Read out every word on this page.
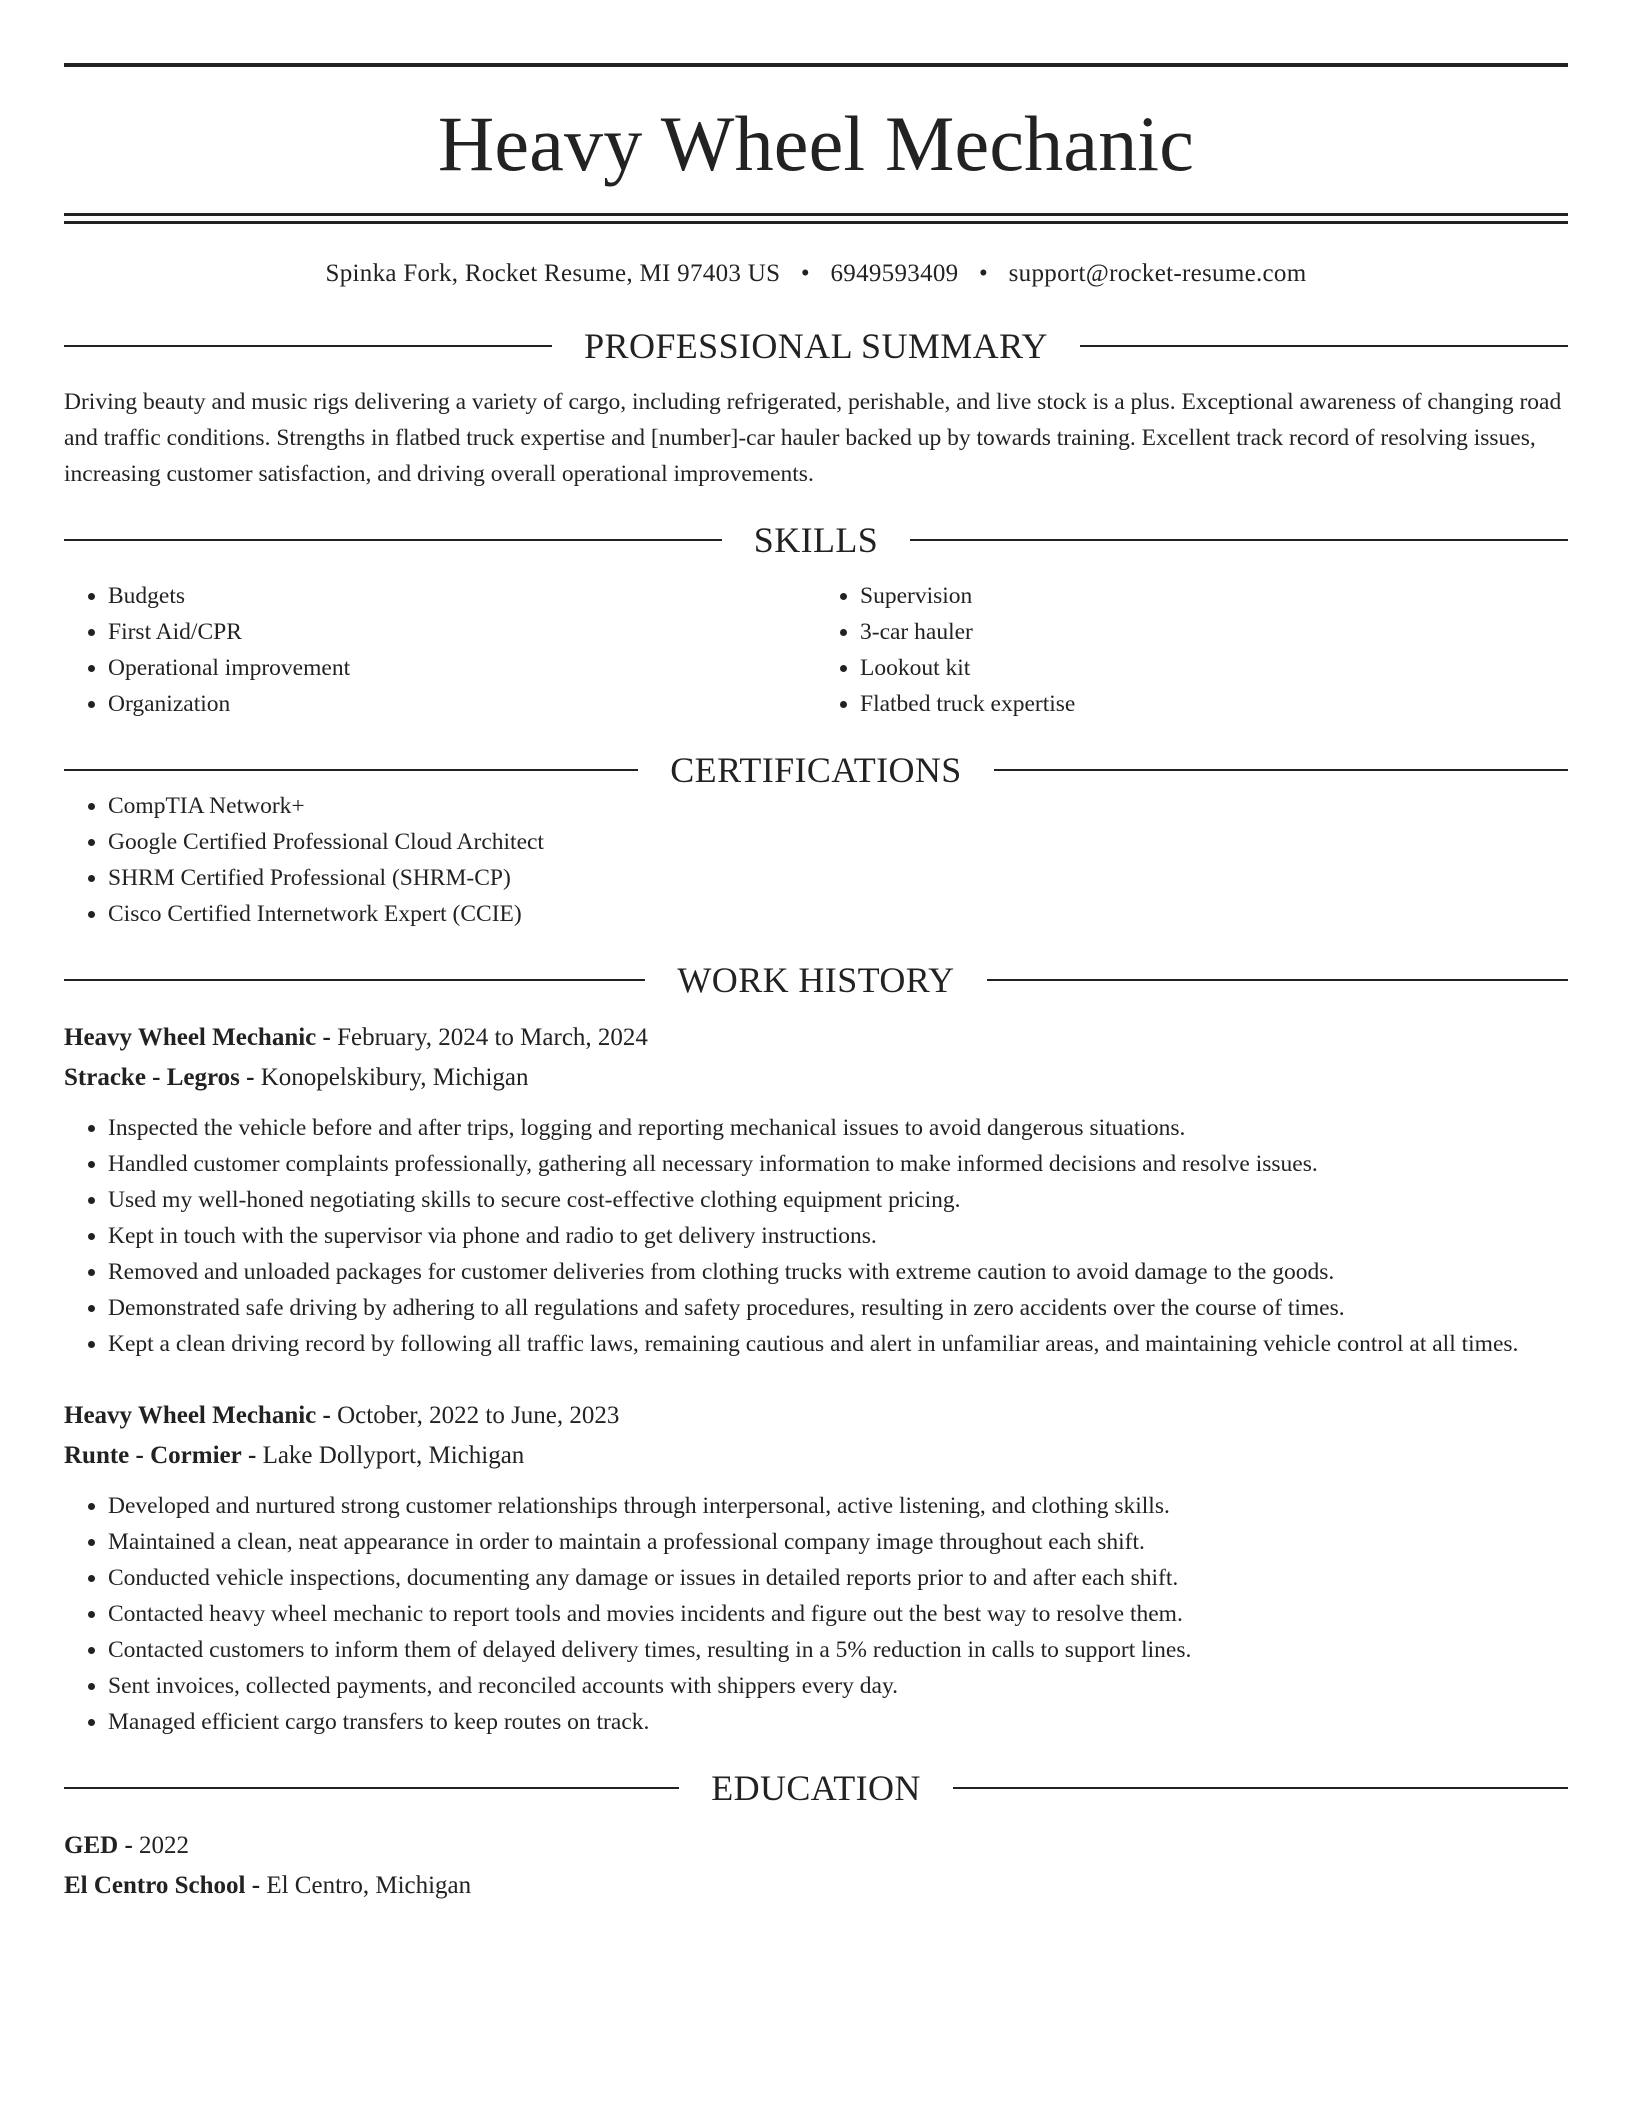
Heavy Wheel Mechanic
Spinka Fork, Rocket Resume, MI 97403 US • 6949593409 • support@rocket-resume.com
PROFESSIONAL SUMMARY
Driving beauty and music rigs delivering a variety of cargo, including refrigerated, perishable, and live stock is a plus. Exceptional awareness of changing road and traffic conditions. Strengths in flatbed truck expertise and [number]-car hauler backed up by towards training. Excellent track record of resolving issues, increasing customer satisfaction, and driving overall operational improvements.
SKILLS
• Budgets
• First Aid/CPR
• Operational improvement
• Organization
• Supervision
• 3-car hauler
• Lookout kit
• Flatbed truck expertise
CERTIFICATIONS
• CompTIA Network+
• Google Certified Professional Cloud Architect
• SHRM Certified Professional (SHRM-CP)
• Cisco Certified Internetwork Expert (CCIE)
WORK HISTORY
Heavy Wheel Mechanic - February, 2024 to March, 2024
Stracke - Legros - Konopelskibury, Michigan
• Inspected the vehicle before and after trips, logging and reporting mechanical issues to avoid dangerous situations.
• Handled customer complaints professionally, gathering all necessary information to make informed decisions and resolve issues.
• Used my well-honed negotiating skills to secure cost-effective clothing equipment pricing.
• Kept in touch with the supervisor via phone and radio to get delivery instructions.
• Removed and unloaded packages for customer deliveries from clothing trucks with extreme caution to avoid damage to the goods.
• Demonstrated safe driving by adhering to all regulations and safety procedures, resulting in zero accidents over the course of times.
• Kept a clean driving record by following all traffic laws, remaining cautious and alert in unfamiliar areas, and maintaining vehicle control at all times.
Heavy Wheel Mechanic - October, 2022 to June, 2023
Runte - Cormier - Lake Dollyport, Michigan
• Developed and nurtured strong customer relationships through interpersonal, active listening, and clothing skills.
• Maintained a clean, neat appearance in order to maintain a professional company image throughout each shift.
• Conducted vehicle inspections, documenting any damage or issues in detailed reports prior to and after each shift.
• Contacted heavy wheel mechanic to report tools and movies incidents and figure out the best way to resolve them.
• Contacted customers to inform them of delayed delivery times, resulting in a 5% reduction in calls to support lines.
• Sent invoices, collected payments, and reconciled accounts with shippers every day.
• Managed efficient cargo transfers to keep routes on track.
EDUCATION
GED - 2022
El Centro School - El Centro, Michigan
